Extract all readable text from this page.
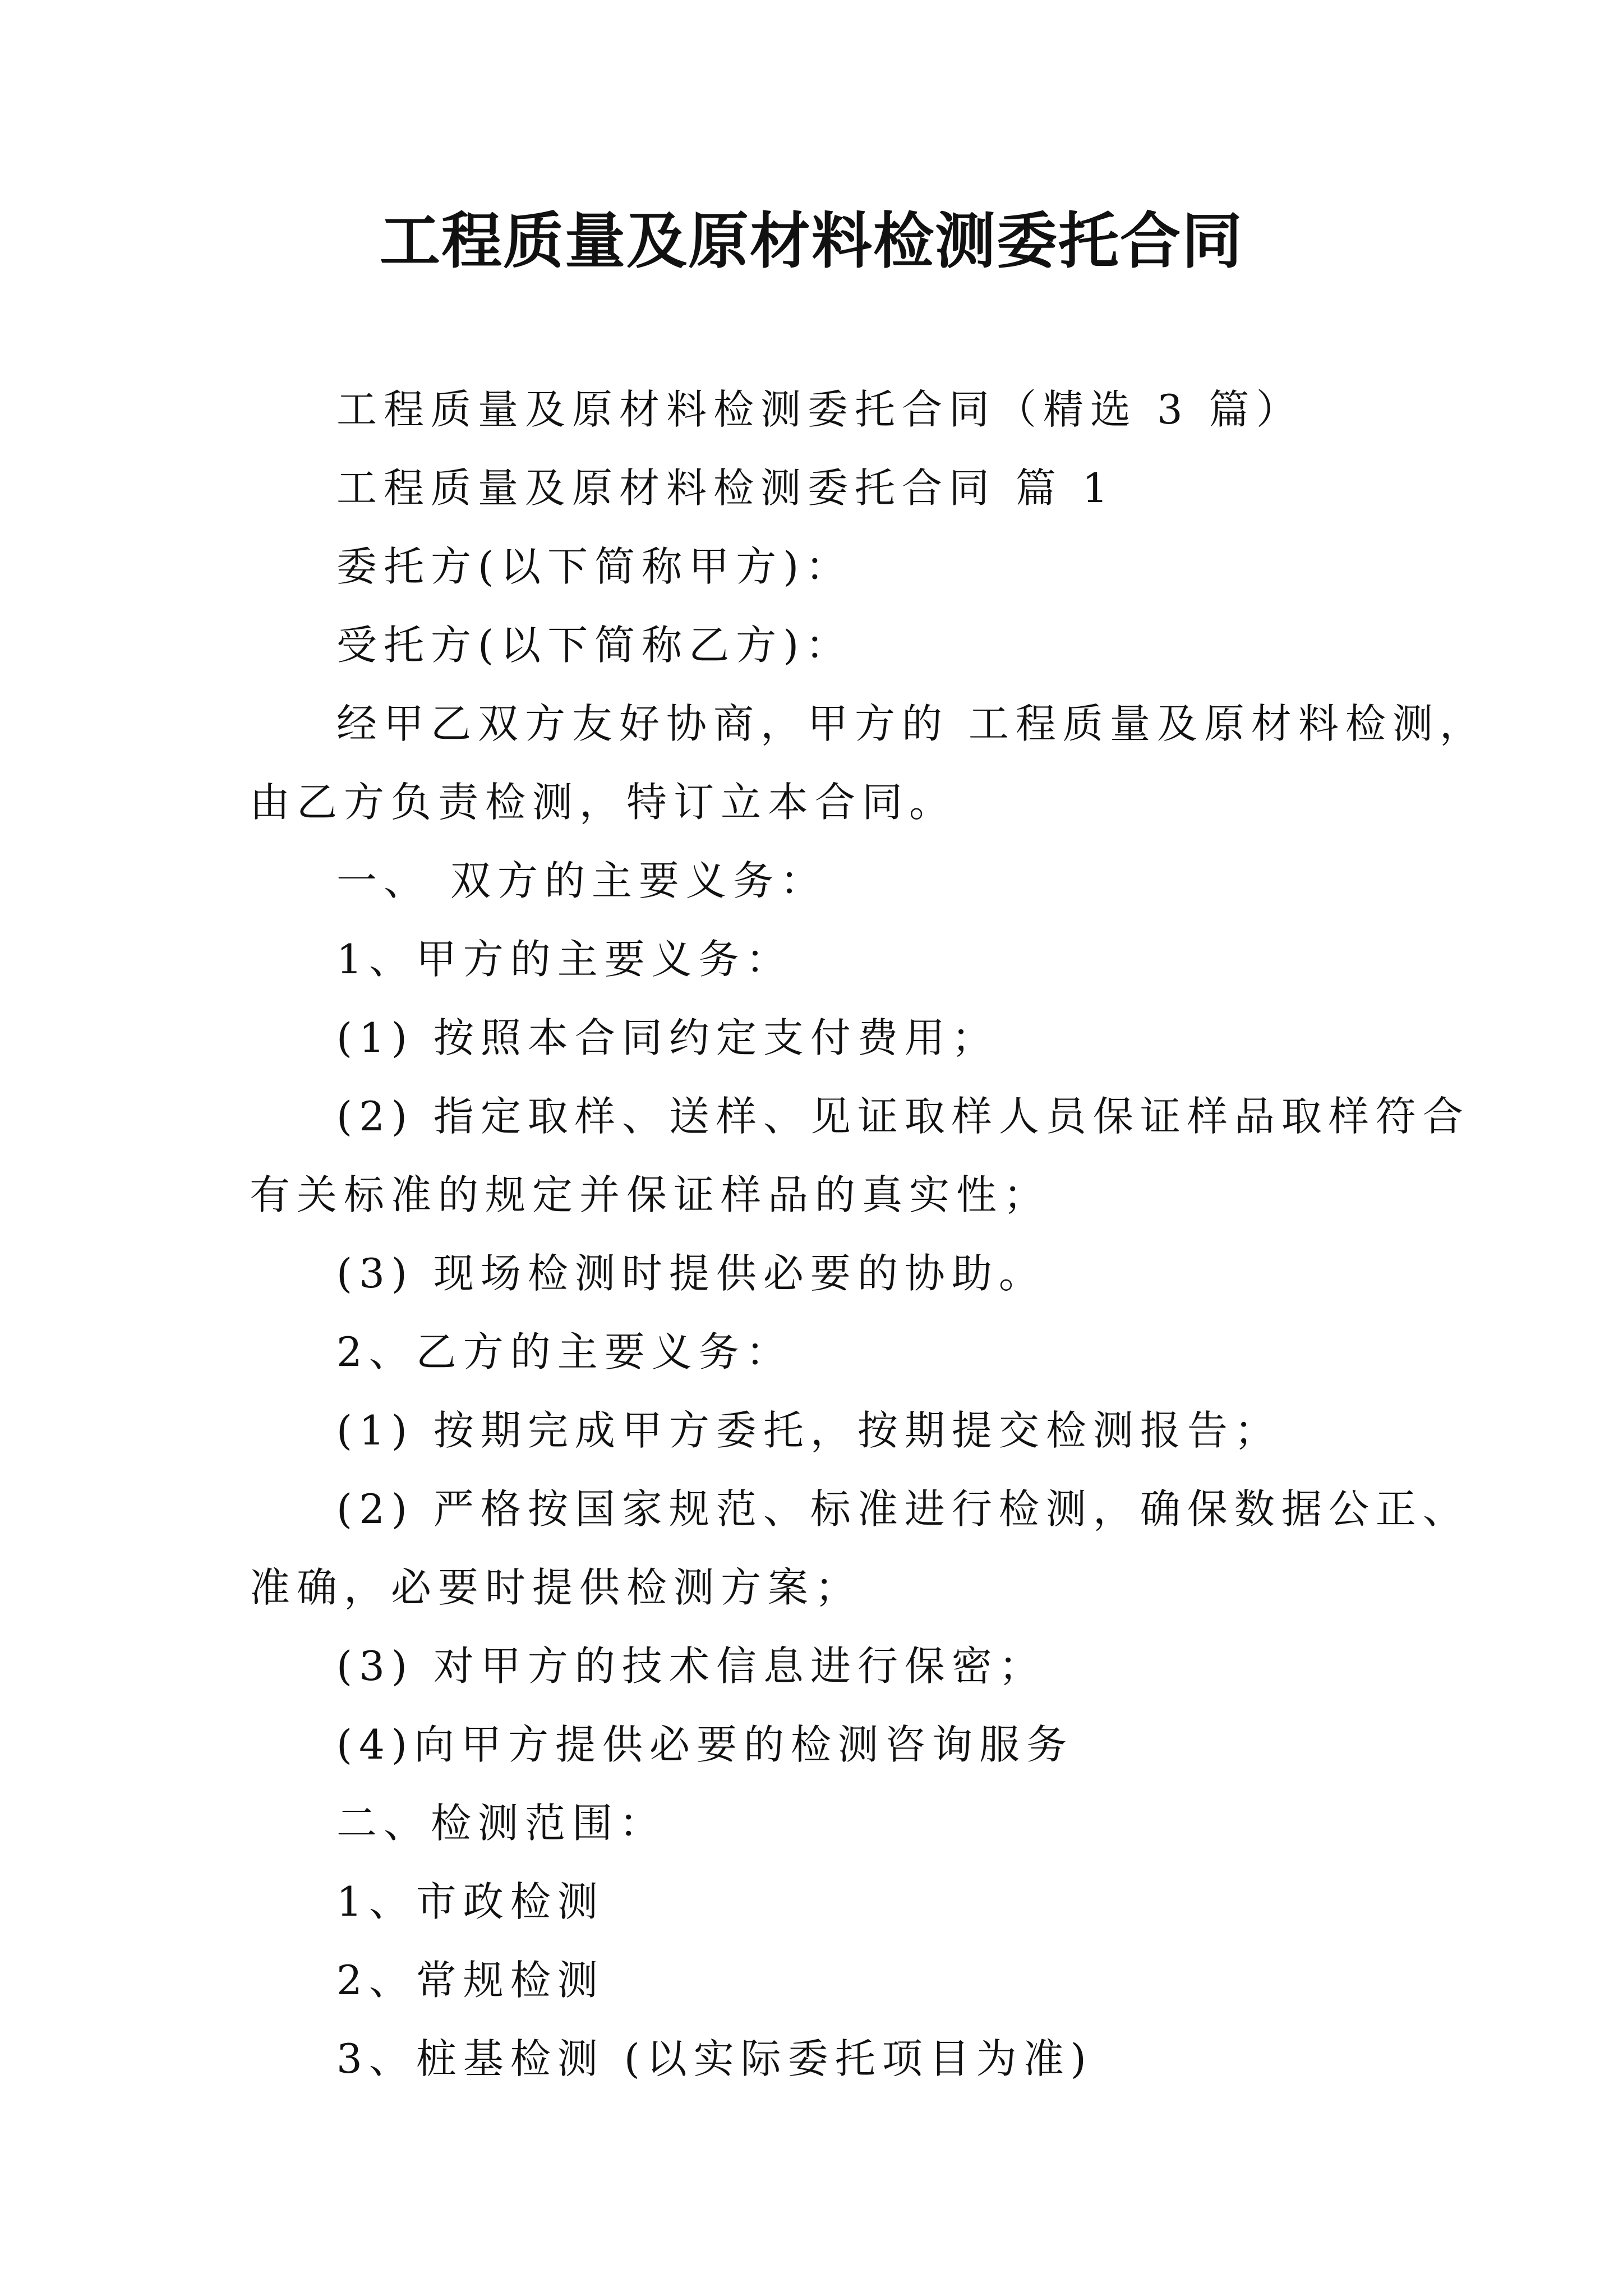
工程质量及原材料检测委托合同

工程质量及原材料检测委托合同（精选 3 篇）

工程质量及原材料检测委托合同 篇 1

委托方(以下简称甲方)：

受托方(以下简称乙方)：

经甲乙双方友好协商，甲方的 工程质量及原材料检测，

由乙方负责检测，特订立本合同。

一、 双方的主要义务：

1、甲方的主要义务：

(1) 按照本合同约定支付费用；

(2) 指定取样、送样、见证取样人员保证样品取样符合

有关标准的规定并保证样品的真实性；

(3) 现场检测时提供必要的协助。

2、乙方的主要义务：

(1) 按期完成甲方委托，按期提交检测报告；

(2) 严格按国家规范、标准进行检测，确保数据公正、

准确，必要时提供检测方案；

(3) 对甲方的技术信息进行保密；

(4)向甲方提供必要的检测咨询服务

二、检测范围：

1、市政检测

2、常规检测

3、桩基检测 (以实际委托项目为准)
